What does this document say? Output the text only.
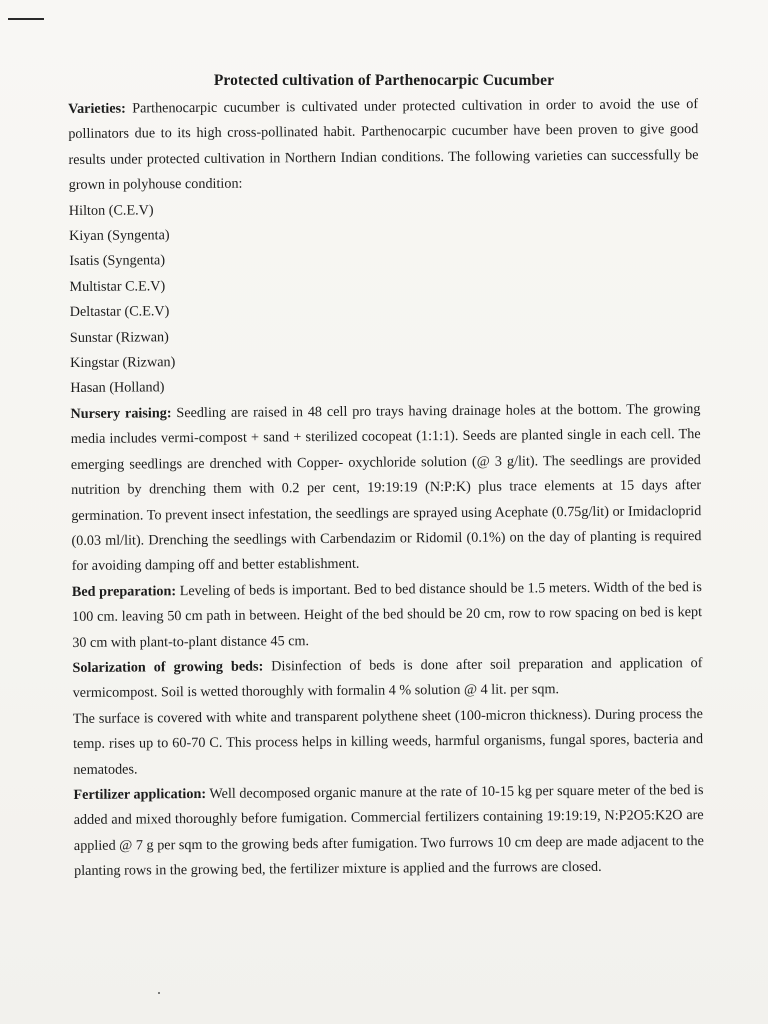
Protected cultivation of Parthenocarpic Cucumber

Varieties: Parthenocarpic cucumber is cultivated under protected cultivation in order to avoid the use of pollinators due to its high cross-pollinated habit. Parthenocarpic cucumber have been proven to give good results under protected cultivation in Northern Indian conditions. The following varieties can successfully be grown in polyhouse condition:

Hilton (C.E.V)

Kiyan (Syngenta)

Isatis (Syngenta)

Multistar C.E.V)

Deltastar (C.E.V)

Sunstar (Rizwan)

Kingstar (Rizwan)

Hasan (Holland)

Nursery raising: Seedling are raised in 48 cell pro trays having drainage holes at the bottom. The growing media includes vermi-compost + sand + sterilized cocopeat (1:1:1). Seeds are planted single in each cell. The emerging seedlings are drenched with Copper- oxychloride solution (@ 3 g/lit). The seedlings are provided nutrition by drenching them with 0.2 per cent, 19:19:19 (N:P:K) plus trace elements at 15 days after germination. To prevent insect infestation, the seedlings are sprayed using Acephate (0.75g/lit) or Imidacloprid (0.03 ml/lit). Drenching the seedlings with Carbendazim or Ridomil (0.1%) on the day of planting is required for avoiding damping off and better establishment.

Bed preparation: Leveling of beds is important. Bed to bed distance should be 1.5 meters. Width of the bed is 100 cm. leaving 50 cm path in between. Height of the bed should be 20 cm, row to row spacing on bed is kept 30 cm with plant-to-plant distance 45 cm.

Solarization of growing beds: Disinfection of beds is done after soil preparation and application of vermicompost. Soil is wetted thoroughly with formalin 4 % solution @ 4 lit. per sqm.

The surface is covered with white and transparent polythene sheet (100-micron thickness). During process the temp. rises up to 60-70 C. This process helps in killing weeds, harmful organisms, fungal spores, bacteria and nematodes.

Fertilizer application: Well decomposed organic manure at the rate of 10-15 kg per square meter of the bed is added and mixed thoroughly before fumigation. Commercial fertilizers containing 19:19:19, N:P2O5:K2O are applied @ 7 g per sqm to the growing beds after fumigation. Two furrows 10 cm deep are made adjacent to the planting rows in the growing bed, the fertilizer mixture is applied and the furrows are closed.
